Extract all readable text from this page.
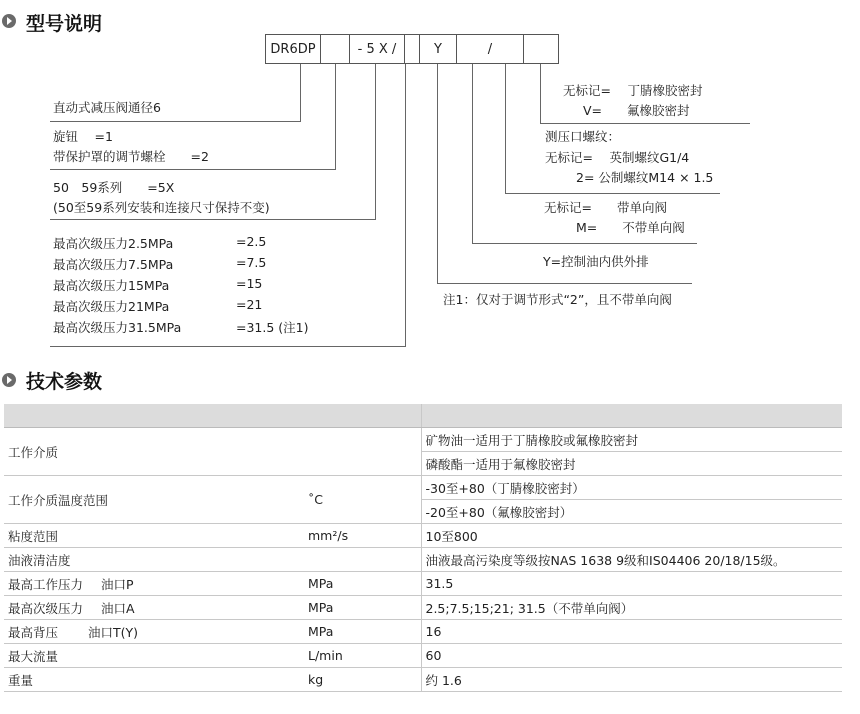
型号说明
DR6DP	- 5 X /	Y	/
直动式减压阀通径6
旋钮　 =1
带保护罩的调节螺栓　　=2
50　59系列　　=5X
(50至59系列安装和连接尺寸保持不变)
最高次级压力2.5MPa	=2.5
最高次级压力7.5MPa	=7.5
最高次级压力15MPa	=15
最高次级压力21MPa	=21
最高次级压力31.5MPa	=31.5 (注1)
无标记=　 丁腈橡胶密封
V=　　氟橡胶密封
测压口螺纹：
无标记=　 英制螺纹G1/4
2= 公制螺纹M14 × 1.5
无标记=　　带单向阀
M=　　不带单向阀
Y=控制油内供外排
注1：仅对于调节形式“2”，且不带单向阀
技术参数

工作介质		矿物油一适用于丁腈橡胶或氟橡胶密封
		磷酸酯一适用于氟橡胶密封
工作介质温度范围	˚C	-30至+80（丁腈橡胶密封）
		-20至+80（氟橡胶密封）
粘度范围	mm²/s	10至800
油液清洁度		油液最高污染度等级按NAS 1638 9级和IS04406 20/18/15级。
最高工作压力 油口P	MPa	31.5
最高次级压力 油口A	MPa	2.5;7.5;15;21; 31.5（不带单向阀）
最高背压 油口T(Y)	MPa	16
最大流量	L/min	60
重量	kg	约 1.6
